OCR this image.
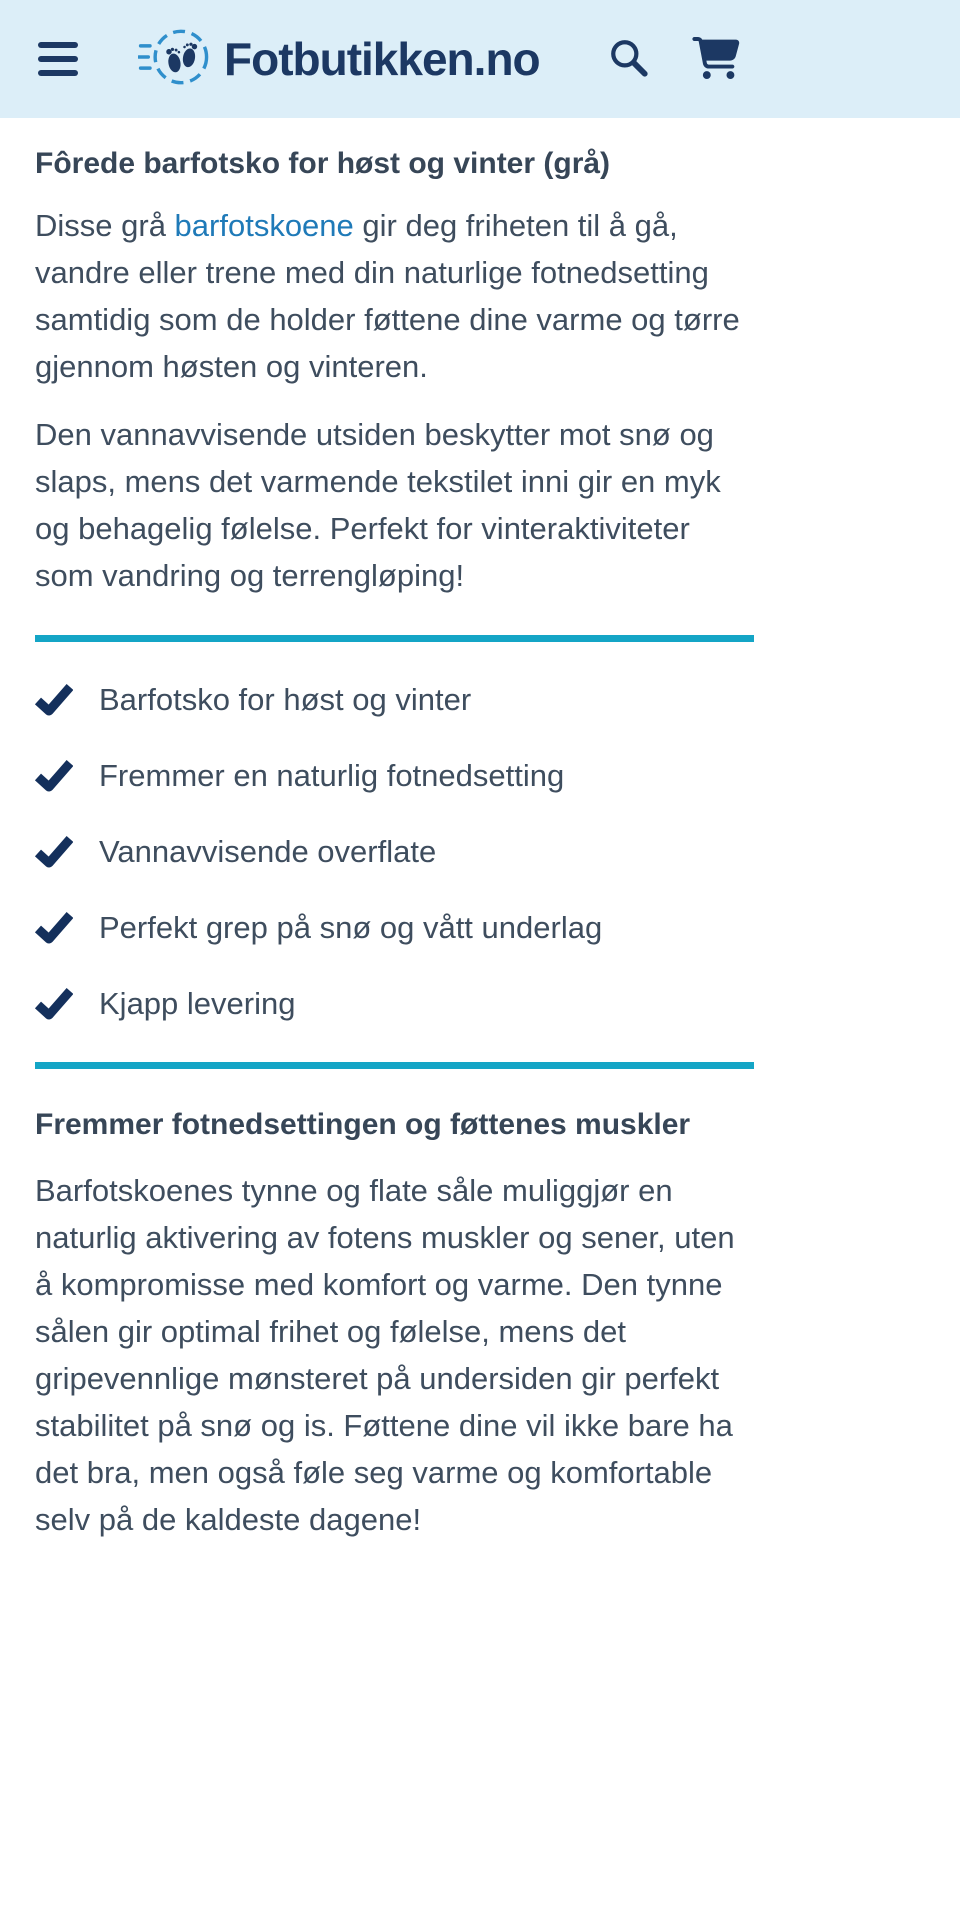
Fotbutikken.no
Fôrede barfotsko for høst og vinter (grå)

Disse grå barfotskoene gir deg friheten til å gå, vandre eller trene med din naturlige fotnedsetting samtidig som de holder føttene dine varme og tørre gjennom høsten og vinteren.

Den vannavvisende utsiden beskytter mot snø og slaps, mens det varmende tekstilet inni gir en myk og behagelig følelse. Perfekt for vinteraktiviteter som vandring og terrengløping!

Barfotsko for høst og vinter
Fremmer en naturlig fotnedsetting
Vannavvisende overflate
Perfekt grep på snø og vått underlag
Kjapp levering
Fremmer fotnedsettingen og føttenes muskler

Barfotskoenes tynne og flate såle muliggjør en naturlig aktivering av fotens muskler og sener, uten å kompromisse med komfort og varme. Den tynne sålen gir optimal frihet og følelse, mens det gripevennlige mønsteret på undersiden gir perfekt stabilitet på snø og is. Føttene dine vil ikke bare ha det bra, men også føle seg varme og komfortable selv på de kaldeste dagene!
